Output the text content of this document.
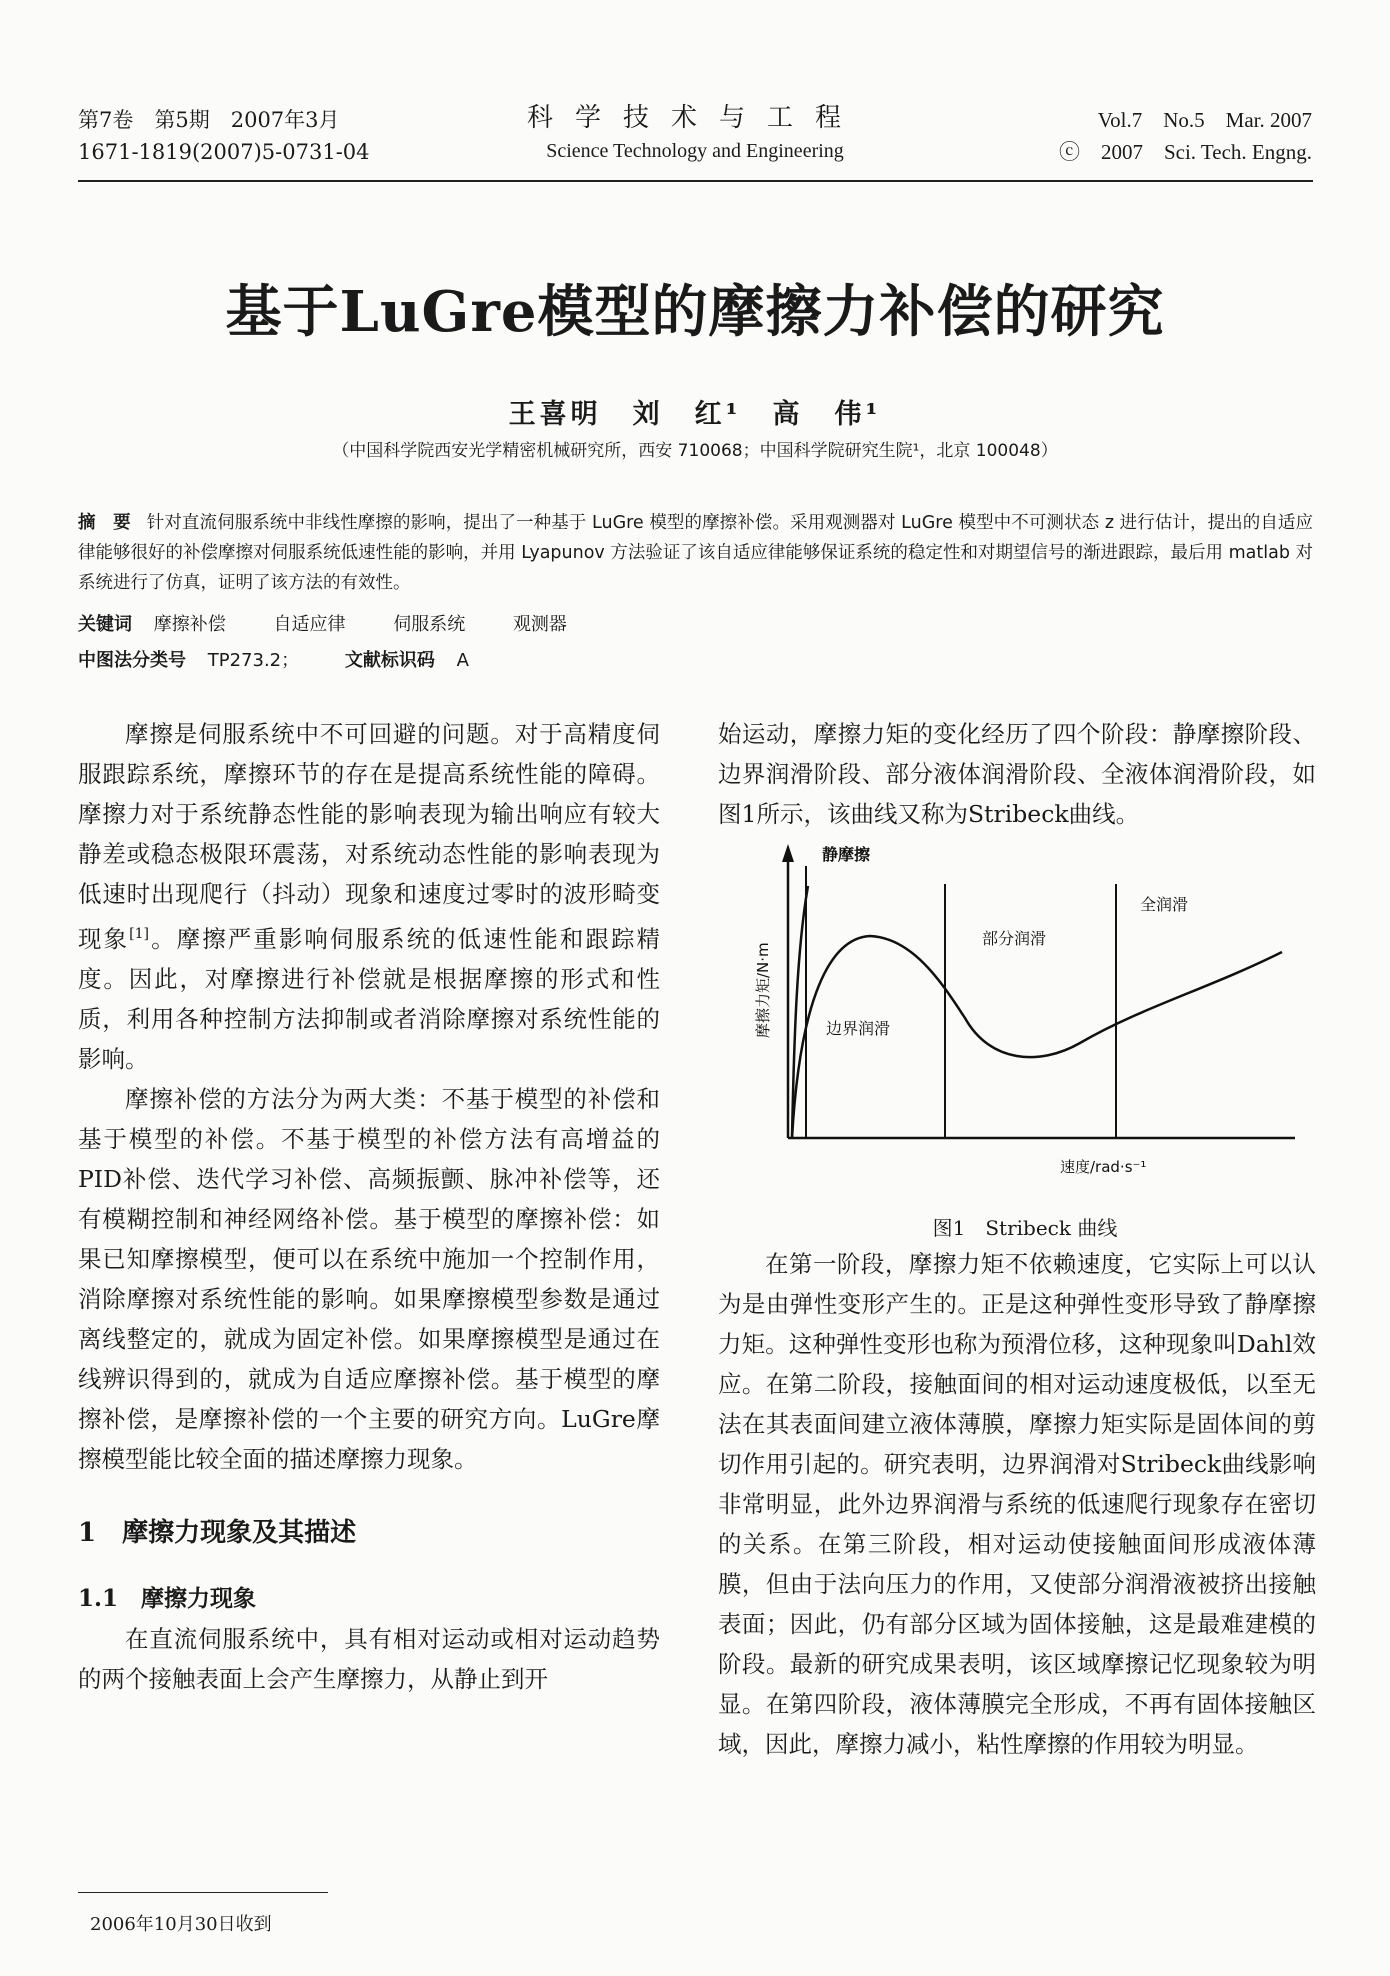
第7卷　第5期　2007年3月
1671-1819(2007)5-0731-04
科学技术与工程
Science Technology and Engineering
Vol.7　No.5　Mar. 2007
ⓒ　2007　Sci. Tech. Engng.
基于LuGre模型的摩擦力补偿的研究
王喜明　刘　红¹　高　伟¹
（中国科学院西安光学精密机械研究所，西安 710068；中国科学院研究生院¹，北京 100048）
摘　要 针对直流伺服系统中非线性摩擦的影响，提出了一种基于 LuGre 模型的摩擦补偿。采用观测器对 LuGre 模型中不可测状态 z 进行估计，提出的自适应律能够很好的补偿摩擦对伺服系统低速性能的影响，并用 Lyapunov 方法验证了该自适应律能够保证系统的稳定性和对期望信号的渐进跟踪，最后用 matlab 对系统进行了仿真，证明了该方法的有效性。
关键词 摩擦补偿	自适应律	伺服系统	观测器
中图法分类号 TP273.2；	文献标识码 A

摩擦是伺服系统中不可回避的问题。对于高精度伺服跟踪系统，摩擦环节的存在是提高系统性能的障碍。摩擦力对于系统静态性能的影响表现为输出响应有较大静差或稳态极限环震荡，对系统动态性能的影响表现为低速时出现爬行（抖动）现象和速度过零时的波形畸变现象[1]。摩擦严重影响伺服系统的低速性能和跟踪精度。因此，对摩擦进行补偿就是根据摩擦的形式和性质，利用各种控制方法抑制或者消除摩擦对系统性能的影响。

摩擦补偿的方法分为两大类：不基于模型的补偿和基于模型的补偿。不基于模型的补偿方法有高增益的PID补偿、迭代学习补偿、高频振颤、脉冲补偿等，还有模糊控制和神经网络补偿。基于模型的摩擦补偿：如果已知摩擦模型，便可以在系统中施加一个控制作用，消除摩擦对系统性能的影响。如果摩擦模型参数是通过离线整定的，就成为固定补偿。如果摩擦模型是通过在线辨识得到的，就成为自适应摩擦补偿。基于模型的摩擦补偿，是摩擦补偿的一个主要的研究方向。LuGre摩擦模型能比较全面的描述摩擦力现象。

1　摩擦力现象及其描述
1.1　摩擦力现象

在直流伺服系统中，具有相对运动或相对运动趋势的两个接触表面上会产生摩擦力，从静止到开

始运动，摩擦力矩的变化经历了四个阶段：静摩擦阶段、边界润滑阶段、部分液体润滑阶段、全液体润滑阶段，如图1所示，该曲线又称为Stribeck曲线。

静摩擦
边界润滑
部分润滑
全润滑
摩擦力矩/N·m
速度/rad·s⁻¹
图1　Stribeck 曲线

在第一阶段，摩擦力矩不依赖速度，它实际上可以认为是由弹性变形产生的。正是这种弹性变形导致了静摩擦力矩。这种弹性变形也称为预滑位移，这种现象叫Dahl效应。在第二阶段，接触面间的相对运动速度极低，以至无法在其表面间建立液体薄膜，摩擦力矩实际是固体间的剪切作用引起的。研究表明，边界润滑对Stribeck曲线影响非常明显，此外边界润滑与系统的低速爬行现象存在密切的关系。在第三阶段，相对运动使接触面间形成液体薄膜，但由于法向压力的作用，又使部分润滑液被挤出接触表面；因此，仍有部分区域为固体接触，这是最难建模的阶段。最新的研究成果表明，该区域摩擦记忆现象较为明显。在第四阶段，液体薄膜完全形成，不再有固体接触区域，因此，摩擦力减小，粘性摩擦的作用较为明显。

2006年10月30日收到
